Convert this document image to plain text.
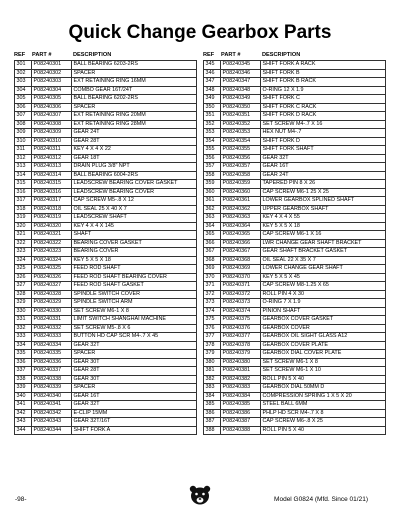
Quick Change Gearbox Parts
REF PART #	DESCRIPTION
301	P08240301	BALL BEARING 6203-2RS
302	P08240302	SPACER
303	P08240303	EXT RETAINING RING 16MM
304	P08240304	COMBO GEAR 16T/24T
305	P08240305	BALL BEARING 6202-2RS
306	P08240306	SPACER
307	P08240307	EXT RETAINING RING 20MM
308	P08240308	EXT RETAINING RING 28MM
309	P08240309	GEAR 24T
310	P08240310	GEAR 28T
311	P08240311	KEY 4 X 4 X 22
312	P08240312	GEAR 18T
313	P08240313	DRAIN PLUG 3/8" NPT
314	P08240314	BALL BEARING 6004-2RS
315	P08240315	LEADSCREW BEARING COVER GASKET
316	P08240316	LEADSCREW BEARING COVER
317	P08240317	CAP SCREW M5-.8 X 12
318	P08240318	OIL SEAL 25 X 40 X 7
319	P08240319	LEADSCREW SHAFT
320	P08240320	KEY 4 X 4 X 145
321	P08240321	SHAFT
322	P08240322	BEARING COVER GASKET
323	P08240323	BEARING COVER
324	P08240324	KEY 5 X 5 X 18
325	P08240325	FEED ROD SHAFT
326	P08240326	FEED ROD SHAFT BEARING COVER
327	P08240327	FEED ROD SHAFT GASKET
328	P08240328	SPINDLE SWITCH COVER
329	P08240329	SPINDLE SWITCH ARM
330	P08240330	SET SCREW M6-1 X 8
331	P08240331	LIMIT SWITCH SHANGHAI MACHINE
332	P08240332	SET SCREW M5-.8 X 6
333	P08240333	BUTTON HD CAP SCR M4-.7 X 45
334	P08240334	GEAR 32T
335	P08240335	SPACER
336	P08240336	GEAR 30T
337	P08240337	GEAR 28T
338	P08240338	GEAR 30T
339	P08240339	SPACER
340	P08240340	GEAR 16T
341	P08240341	GEAR 32T
342	P08240342	E-CLIP 15MM
343	P08240343	GEAR 32T/16T
344	P08240344	SHIFT FORK A
REF PART #	DESCRIPTION
345	P08240345	SHIFT FORK A RACK
346	P08240346	SHIFT FORK B
347	P08240347	SHIFT FORK B RACK
348	P08240348	O-RING 12 X 1.9
349	P08240349	SHIFT FORK C
350	P08240350	SHIFT FORK C RACK
351	P08240351	SHIFT FORK D RACK
352	P08240352	SET SCREW M4-.7 X 16
353	P08240353	HEX NUT M4-.7
354	P08240354	SHIFT FORK D
355	P08240355	SHIFT FORK SHAFT
356	P08240356	GEAR 32T
357	P08240357	GEAR 16T
358	P08240358	GEAR 24T
359	P08240359	TAPERED PIN 8 X 26
360	P08240360	CAP SCREW M6-1 25 X 25
361	P08240361	LOWER GEARBOX SPLINED SHAFT
362	P08240362	UPPER GEARBOX SHAFT
363	P08240363	KEY 4 X 4 X 55
364	P08240364	KEY 5 X 5 X 18
365	P08240365	CAP SCREW M6-1 X 16
366	P08240366	LWR CHANGE GEAR SHAFT BRACKET
367	P08240367	GEAR SHAFT BRACKET GASKET
368	P08240368	OIL SEAL 22 X 35 X 7
369	P08240369	LOWER CHANGE GEAR SHAFT
370	P08240370	KEY 5 X 5 X 45
371	P08240371	CAP SCREW M8-1.25 X 65
372	P08240372	ROLL PIN 4 X 30
373	P08240373	O-RING 7 X 1.9
374	P08240374	PINION SHAFT
375	P08240375	GEARBOX COVER GASKET
376	P08240376	GEARBOX COVER
377	P08240377	GEARBOX OIL SIGHT GLASS A12
378	P08240378	GEARBOX COVER PLATE
379	P08240379	GEARBOX DIAL COVER PLATE
380	P08240380	SET SCREW M6-1 X 8
381	P08240381	SET SCREW M6-1 X 10
382	P08240382	ROLL PIN 5 X 40
383	P08240383	GEARBOX DIAL 50MM D
384	P08240384	COMPRESSION SPRING 1 X 5 X 20
385	P08240385	STEEL BALL 6MM
386	P08240386	PHLP HD SCR M4-.7 X 8
387	P08240387	CAP SCREW M6-.8 X 25
388	P08240388	ROLL PIN 5 X 40
-98-	Model G0824 (Mfd. Since 01/21)
